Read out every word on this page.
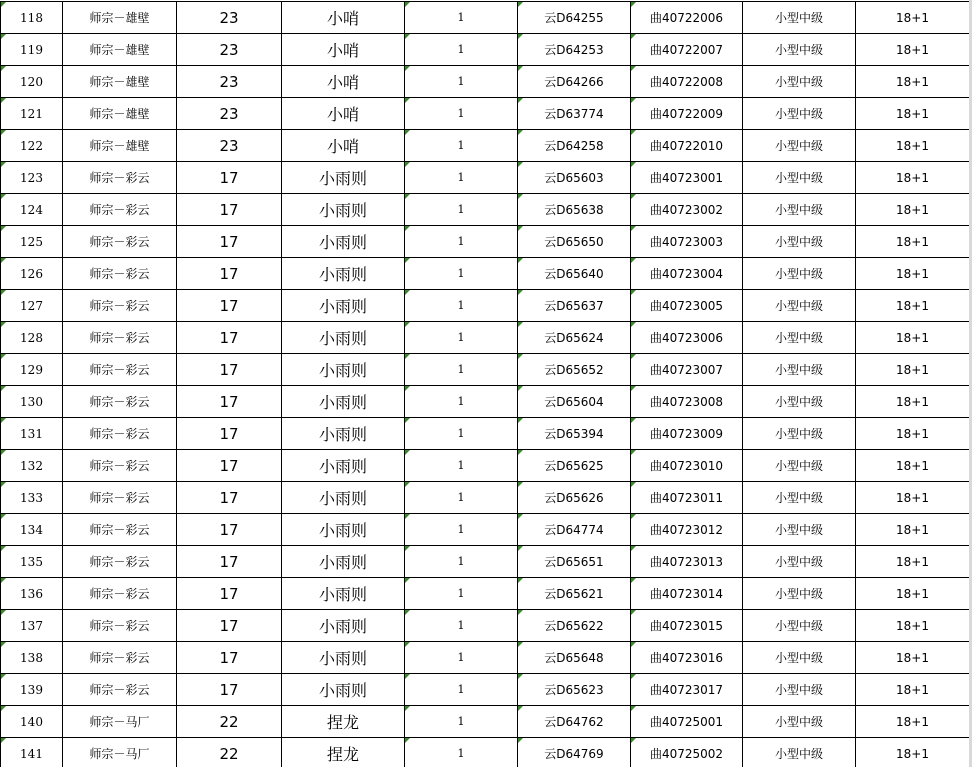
118	师宗－雄壁	23	小哨	1	云D64255	曲40722006	小型中级	18+1
119	师宗－雄壁	23	小哨	1	云D64253	曲40722007	小型中级	18+1
120	师宗－雄壁	23	小哨	1	云D64266	曲40722008	小型中级	18+1
121	师宗－雄壁	23	小哨	1	云D63774	曲40722009	小型中级	18+1
122	师宗－雄壁	23	小哨	1	云D64258	曲40722010	小型中级	18+1
123	师宗－彩云	17	小雨则	1	云D65603	曲40723001	小型中级	18+1
124	师宗－彩云	17	小雨则	1	云D65638	曲40723002	小型中级	18+1
125	师宗－彩云	17	小雨则	1	云D65650	曲40723003	小型中级	18+1
126	师宗－彩云	17	小雨则	1	云D65640	曲40723004	小型中级	18+1
127	师宗－彩云	17	小雨则	1	云D65637	曲40723005	小型中级	18+1
128	师宗－彩云	17	小雨则	1	云D65624	曲40723006	小型中级	18+1
129	师宗－彩云	17	小雨则	1	云D65652	曲40723007	小型中级	18+1
130	师宗－彩云	17	小雨则	1	云D65604	曲40723008	小型中级	18+1
131	师宗－彩云	17	小雨则	1	云D65394	曲40723009	小型中级	18+1
132	师宗－彩云	17	小雨则	1	云D65625	曲40723010	小型中级	18+1
133	师宗－彩云	17	小雨则	1	云D65626	曲40723011	小型中级	18+1
134	师宗－彩云	17	小雨则	1	云D64774	曲40723012	小型中级	18+1
135	师宗－彩云	17	小雨则	1	云D65651	曲40723013	小型中级	18+1
136	师宗－彩云	17	小雨则	1	云D65621	曲40723014	小型中级	18+1
137	师宗－彩云	17	小雨则	1	云D65622	曲40723015	小型中级	18+1
138	师宗－彩云	17	小雨则	1	云D65648	曲40723016	小型中级	18+1
139	师宗－彩云	17	小雨则	1	云D65623	曲40723017	小型中级	18+1
140	师宗－马厂	22	捏龙	1	云D64762	曲40725001	小型中级	18+1
141	师宗－马厂	22	捏龙	1	云D64769	曲40725002	小型中级	18+1
